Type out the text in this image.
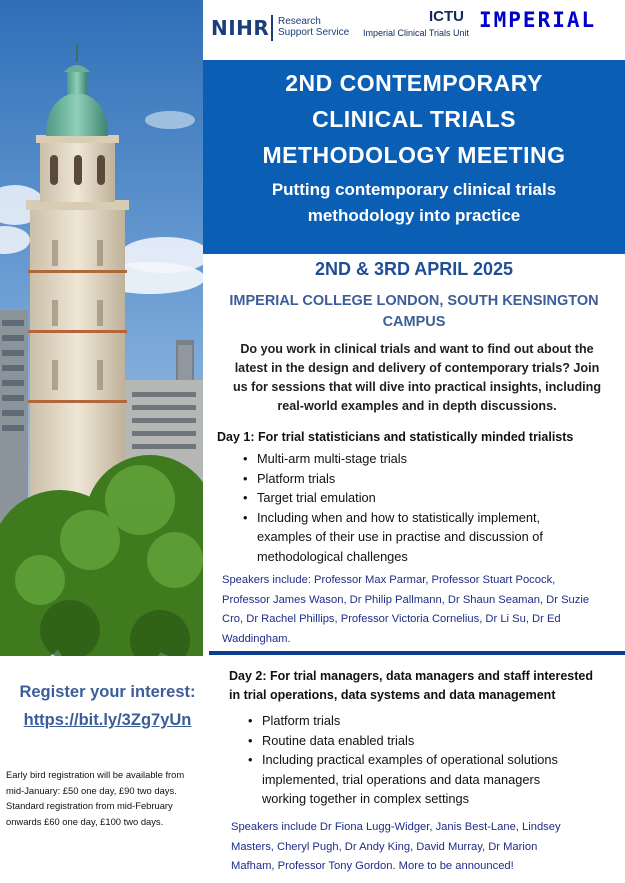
NIHR Research
Support Service
ICTU
Imperial Clinical Trials Unit
IMPERIAL
2ND CONTEMPORARY
CLINICAL TRIALS
METHODOLOGY MEETING
Putting contemporary clinical trials
methodology into practice
2ND & 3RD APRIL 2025
IMPERIAL COLLEGE LONDON, SOUTH KENSINGTON
CAMPUS
Do you work in clinical trials and want to find out about the
latest in the design and delivery of contemporary trials? Join
us for sessions that will dive into practical insights, including
real-world examples and in depth discussions.
Day 1: For trial statisticians and statistically minded trialists
• Multi-arm multi-stage trials
• Platform trials
• Target trial emulation
• Including when and how to statistically implement, examples of their use in practise and discussion of methodological challenges
Speakers include: Professor Max Parmar, Professor Stuart Pocock,
Professor James Wason, Dr Philip Pallmann, Dr Shaun Seaman, Dr Suzie
Cro, Dr Rachel Phillips, Professor Victoria Cornelius, Dr Li Su, Dr Ed
Waddingham.
Day 2: For trial managers, data managers and staff interested
in trial operations, data systems and data management
• Platform trials
• Routine data enabled trials
• Including practical examples of operational solutions implemented, trial operations and data managers working together in complex settings
Speakers include Dr Fiona Lugg-Widger, Janis Best-Lane, Lindsey
Masters, Cheryl Pugh, Dr Andy King, David Murray, Dr Marion
Mafham, Professor Tony Gordon. More to be announced!
Register your interest:
https://bit.ly/3Zg7yUn
Early bird registration will be available from
mid-January: £50 one day, £90 two days.
Standard registration from mid-February
onwards £60 one day, £100 two days.
